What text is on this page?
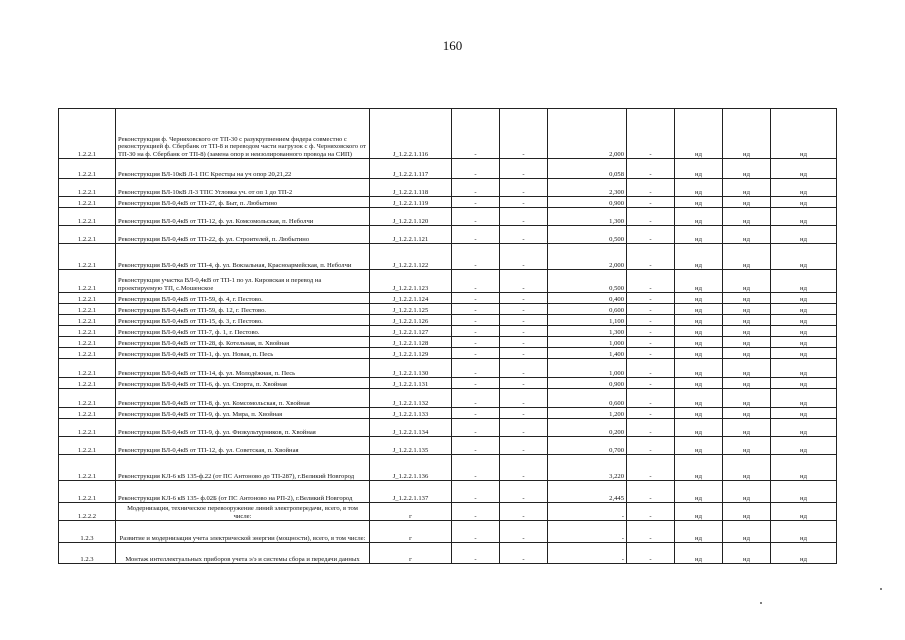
160
1.2.2.1	Реконструкция ф. Черняховского от ТП-30 с разукрупнением фидера совместно с реконструкцией ф. Сбербанк от ТП-8 и переводом части нагрузок с ф. Черняховского от ТП-30 на ф. Сбербанк от ТП-8) (замена опор и неизолированного провода на СИП)	J_1.2.2.1.116	-	-	2,000	-	нд	нд	нд
1.2.2.1	Реконструкция ВЛ-10кВ Л-1 ПС Крестцы на уч опор 20,21,22	J_1.2.2.1.117	-	-	0,058	-	нд	нд	нд
1.2.2.1	Реконструкция ВЛ-10кВ Л-3 ТПС Угловка уч. от оп 1 до ТП-2	J_1.2.2.1.118	-	-	2,300	-	нд	нд	нд
1.2.2.1	Реконструкция ВЛ-0,4кВ от ТП-27, ф. Быт, п. Любытино	J_1.2.2.1.119	-	-	0,900	-	нд	нд	нд
1.2.2.1	Реконструкция ВЛ-0,4кВ от ТП-12, ф. ул. Комсомольская, п. Неболчи	J_1.2.2.1.120	-	-	1,300	-	нд	нд	нд
1.2.2.1	Реконструкция ВЛ-0,4кВ от ТП-22, ф. ул. Строителей, п. Любытино	J_1.2.2.1.121	-	-	0,500	-	нд	нд	нд
1.2.2.1	Реконструкция ВЛ-0,4кВ от ТП-4, ф. ул. Вокзальная, Красноармейская, п. Неболчи	J_1.2.2.1.122	-	-	2,000	-	нд	нд	нд
1.2.2.1	Реконструкция участка ВЛ-0,4кВ от ТП-1 по ул. Кировская и перевод на проектируемую ТП, с.Мошенское	J_1.2.2.1.123	-	-	0,500	-	нд	нд	нд
1.2.2.1	Реконструкция ВЛ-0,4кВ от ТП-59, ф. 4, г. Пестово.	J_1.2.2.1.124	-	-	0,400	-	нд	нд	нд
1.2.2.1	Реконструкция ВЛ-0,4кВ от ТП-59, ф. 12, г. Пестово.	J_1.2.2.1.125	-	-	0,600	-	нд	нд	нд
1.2.2.1	Реконструкция ВЛ-0,4кВ от ТП-15, ф. 3, г. Пестово.	J_1.2.2.1.126	-	-	1,100	-	нд	нд	нд
1.2.2.1	Реконструкция ВЛ-0,4кВ от ТП-7, ф. 1, г. Пестово.	J_1.2.2.1.127	-	-	1,300	-	нд	нд	нд
1.2.2.1	Реконструкция ВЛ-0,4кВ от ТП-28, ф. Котельная, п. Хвойная	J_1.2.2.1.128	-	-	1,000	-	нд	нд	нд
1.2.2.1	Реконструкция ВЛ-0,4кВ от ТП-1, ф. ул. Новая, п. Песь	J_1.2.2.1.129	-	-	1,400	-	нд	нд	нд
1.2.2.1	Реконструкция ВЛ-0,4кВ от ТП-14, ф. ул. Молодёжная, п. Песь	J_1.2.2.1.130	-	-	1,000	-	нд	нд	нд
1.2.2.1	Реконструкция ВЛ-0,4кВ от ТП-6, ф. ул. Спорта, п. Хвойная	J_1.2.2.1.131	-	-	0,900	-	нд	нд	нд
1.2.2.1	Реконструкция ВЛ-0,4кВ от ТП-8, ф. ул. Комсомольская, п. Хвойная	J_1.2.2.1.132	-	-	0,600	-	нд	нд	нд
1.2.2.1	Реконструкция ВЛ-0,4кВ от ТП-9, ф. ул. Мира, п. Хвойная	J_1.2.2.1.133	-	-	1,200	-	нд	нд	нд
1.2.2.1	Реконструкция ВЛ-0,4кВ от ТП-9, ф. ул. Физкультурников, п. Хвойная	J_1.2.2.1.134	-	-	0,200	-	нд	нд	нд
1.2.2.1	Реконструкция ВЛ-0,4кВ от ТП-12, ф. ул. Советская, п. Хвойная	J_1.2.2.1.135	-	-	0,700	-	нд	нд	нд
1.2.2.1	Реконструкция КЛ-6 кВ 135-ф.22 (от ПС Антоново до ТП-287), г.Великий Новгород	J_1.2.2.1.136	-	-	3,220	-	нд	нд	нд
1.2.2.1	Реконструкция КЛ-6 кВ 135- ф.02Б (от ПС Антоново на РП-2), г.Великий Новгород	J_1.2.2.1.137	-	-	2,445	-	нд	нд	нд
1.2.2.2	Модернизация, техническое перевооружение линий электропередачи, всего, в том числе:	г	-	-	-	-	нд	нд	нд
1.2.3	Развитие и модернизация учета электрической энергии (мощности), всего, в том числе:	г	-	-	-	-	нд	нд	нд
1.2.3	Монтаж интеллектуальных приборов учета э/э и системы сбора и передачи данных	г	-	-	-	-	нд	нд	нд
